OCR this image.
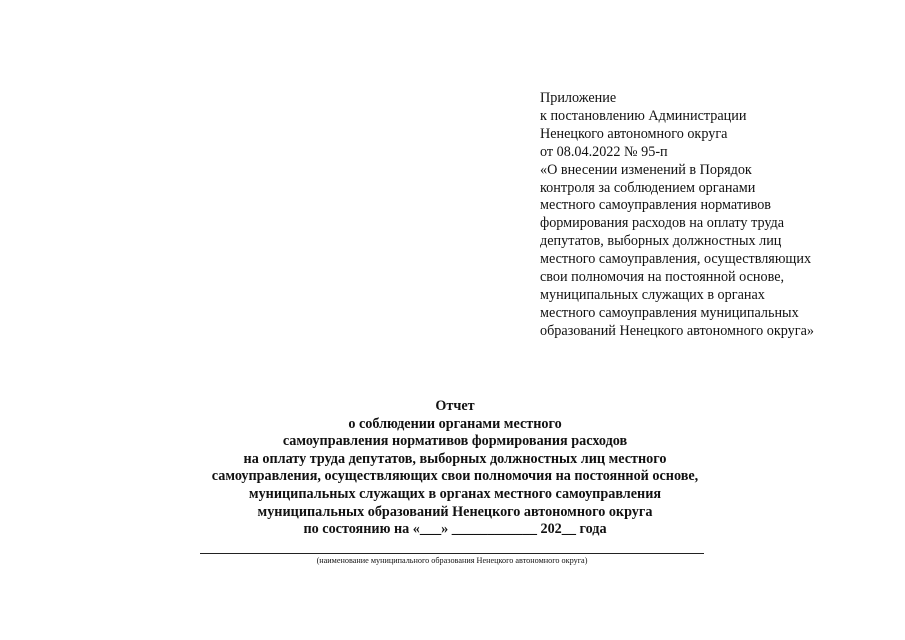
Приложение
к постановлению Администрации
Ненецкого автономного округа
от 08.04.2022 № 95-п
«О внесении изменений в Порядок
контроля за соблюдением органами
местного самоуправления нормативов
формирования расходов на оплату труда
депутатов, выборных должностных лиц
местного самоуправления, осуществляющих
свои полномочия на постоянной основе,
муниципальных служащих в органах
местного самоуправления муниципальных
образований Ненецкого автономного округа»
Отчет
о соблюдении органами местного
самоуправления нормативов формирования расходов
на оплату труда депутатов, выборных должностных лиц местного
самоуправления, осуществляющих свои полномочия на постоянной основе,
муниципальных служащих в органах местного самоуправления
муниципальных образований Ненецкого автономного округа
по состоянию на «___» ____________ 202__ года
(наименование муниципального образования Ненецкого автономного округа)
